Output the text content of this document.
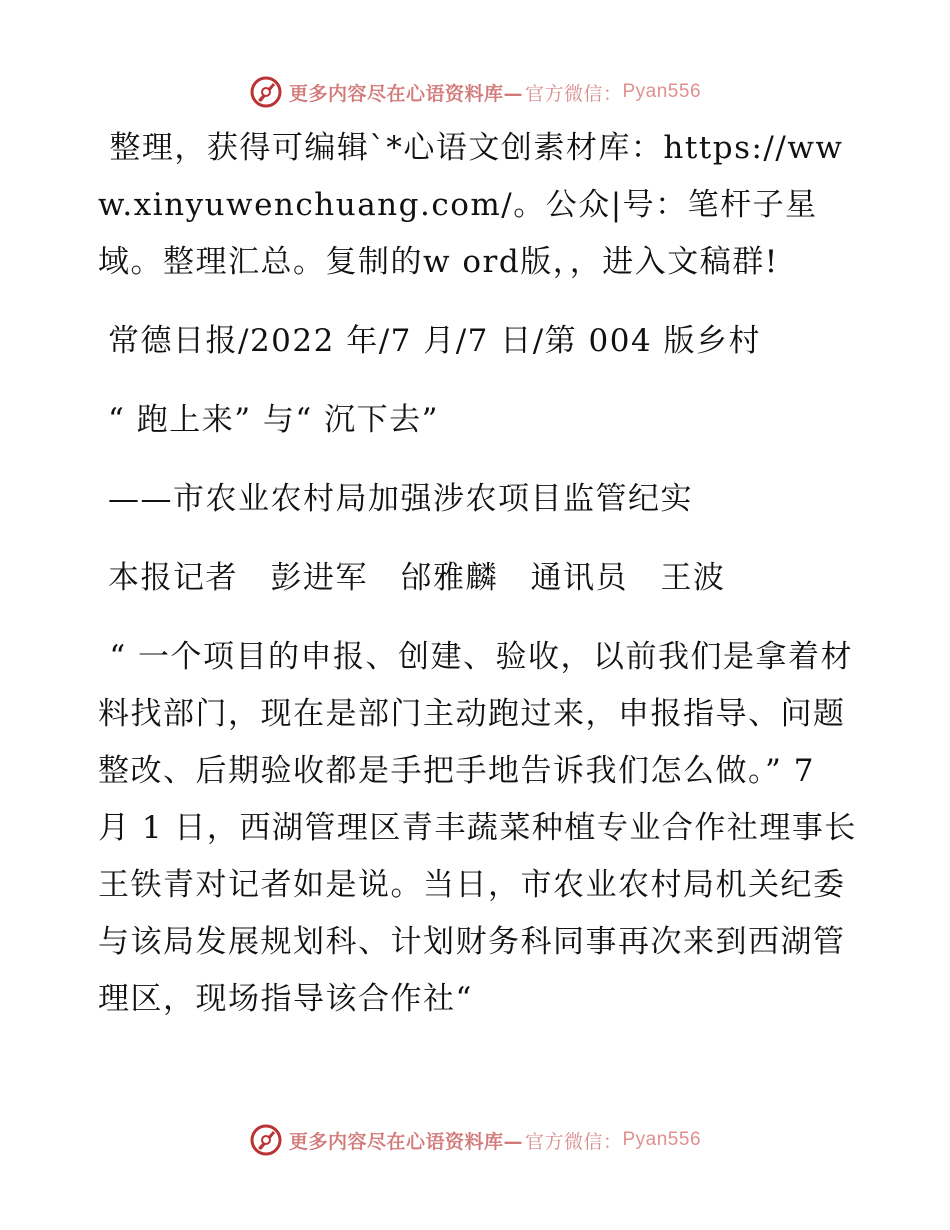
更多内容尽在心语资料库— 官方微信： Pyan556

整理，获得可编辑`*心语文创素材库：https://www.xinyuwenchuang.com/。公众|号：笔杆子星域。整理汇总。复制的w ord版，，进入文稿群!

常德日报/2022 年/7 月/7 日/第 004 版乡村

“ 跑上来” 与“ 沉下去”

——市农业农村局加强涉农项目监管纪实

本报记者　彭进军　邰雅麟　通讯员　王波

“ 一个项目的申报、创建、验收，以前我们是拿着材料找部门，现在是部门主动跑过来，申报指导、问题整改、后期验收都是手把手地告诉我们怎么做。” 7 月 1 日，西湖管理区青丰蔬菜种植专业合作社理事长王铁青对记者如是说。当日，市农业农村局机关纪委与该局发展规划科、计划财务科同事再次来到西湖管理区，现场指导该合作社“

更多内容尽在心语资料库— 官方微信： Pyan556
